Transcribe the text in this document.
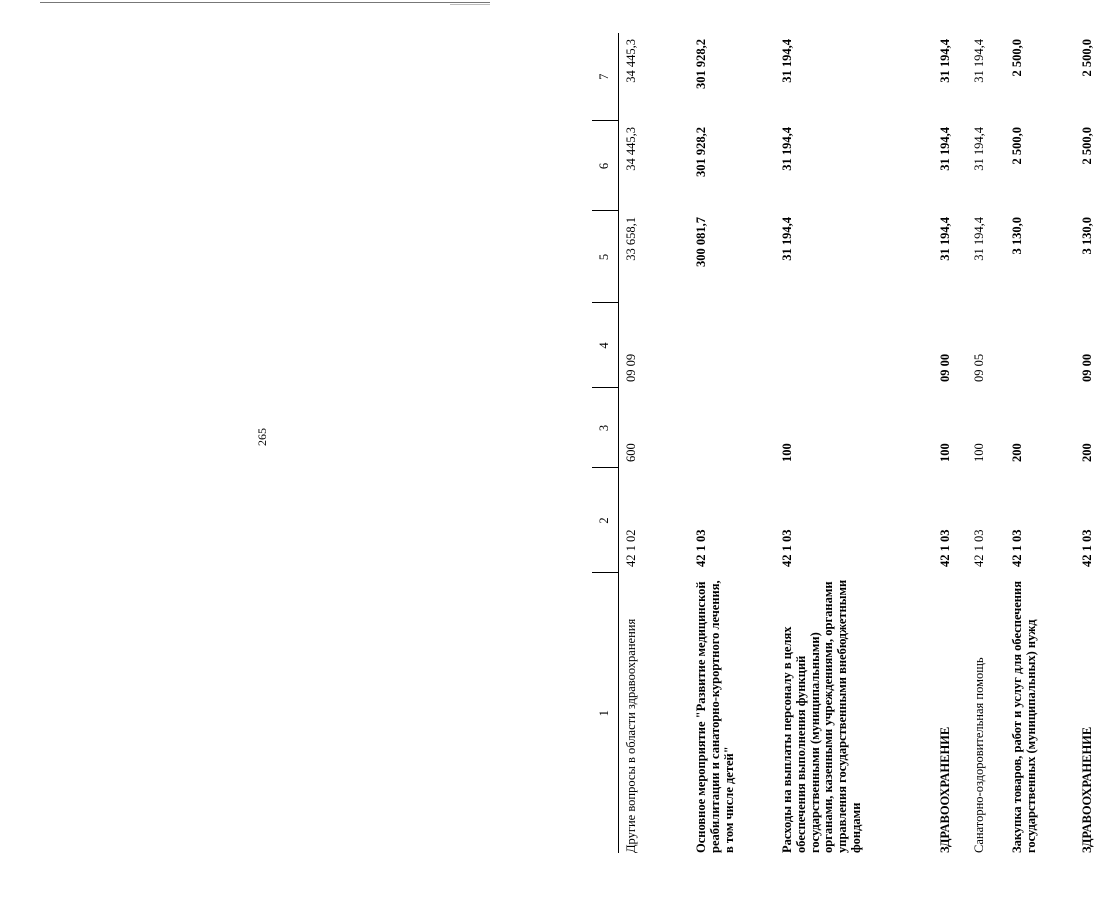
265
1	2	3	4	5	6	7

Другие вопросы в области здравоохранения	42 1 02	600	09 09	33 658,1	34 445,3	34 445,3
Основное мероприятие "Развитие медицинской реабилитации и санаторно-курортного лечения, в том числе детей"	42 1 03			300 081,7	301 928,2	301 928,2
Расходы на выплаты персоналу в целях обеспечения выполнения функций государственными (муниципальными) органами, казенными учреждениями, органами управления государственными внебюджетными фондами	42 1 03	100		31 194,4	31 194,4	31 194,4
ЗДРАВООХРАНЕНИЕ	42 1 03	100	09 00	31 194,4	31 194,4	31 194,4
Санаторно-оздоровительная помощь	42 1 03	100	09 05	31 194,4	31 194,4	31 194,4
Закупка товаров, работ и услуг для обеспечения государственных (муниципальных) нужд	42 1 03	200		3 130,0	2 500,0	2 500,0
ЗДРАВООХРАНЕНИЕ	42 1 03	200	09 00	3 130,0	2 500,0	2 500,0
